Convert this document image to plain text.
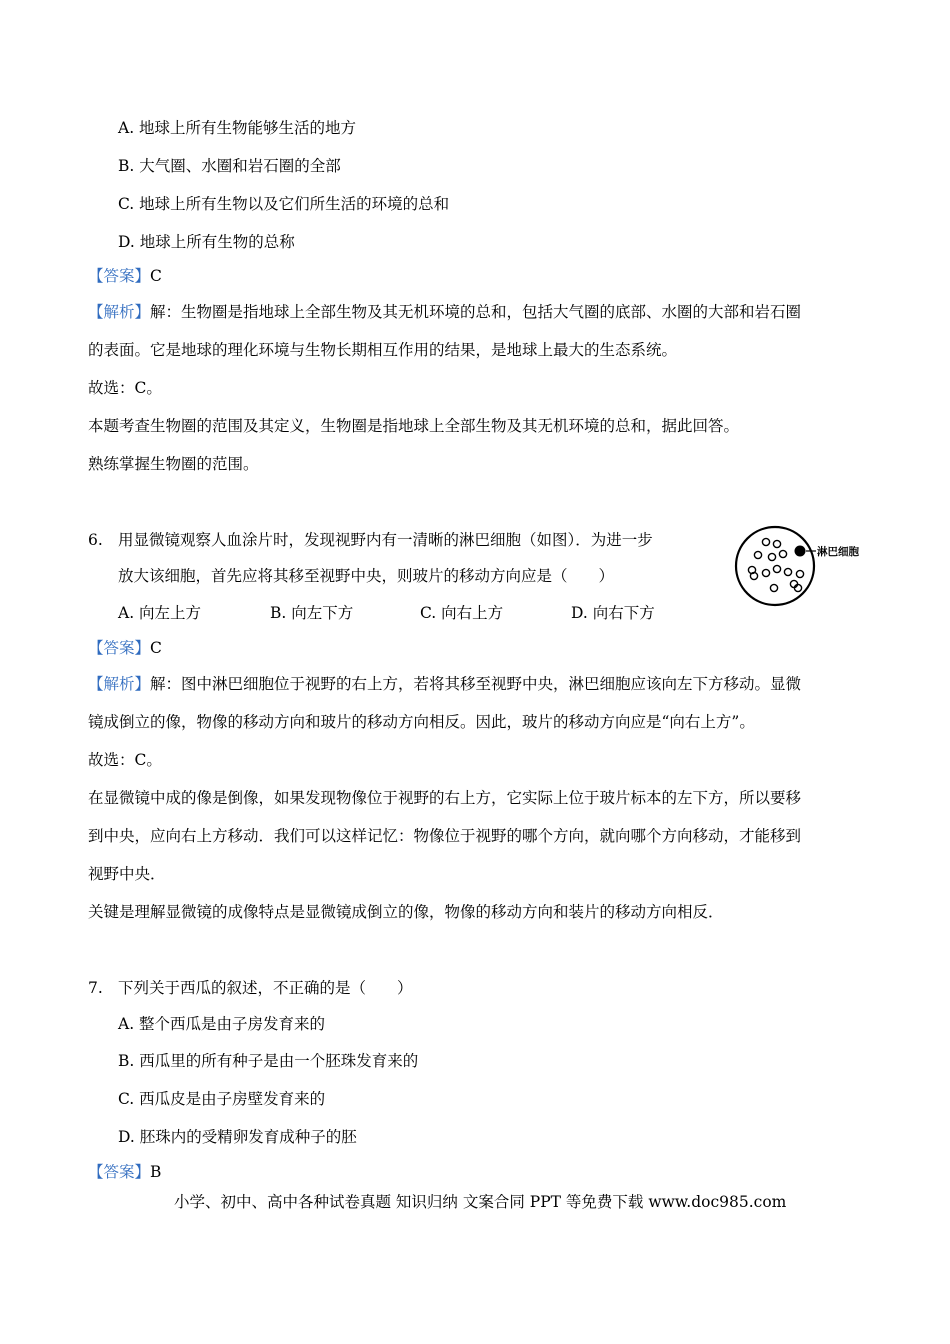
A. 地球上所有生物能够生活的地方
B. 大气圈、水圈和岩石圈的全部
C. 地球上所有生物以及它们所生活的环境的总和
D. 地球上所有生物的总称
【答案】C
【解析】解：生物圈是指地球上全部生物及其无机环境的总和，包括大气圈的底部、水圈的大部和岩石圈
的表面。它是地球的理化环境与生物长期相互作用的结果，是地球上最大的生态系统。
故选：C。
本题考查生物圈的范围及其定义，生物圈是指地球上全部生物及其无机环境的总和，据此回答。
熟练掌握生物圈的范围。
6. 用显微镜观察人血涂片时，发现视野内有一清晰的淋巴细胞（如图）．为进一步
放大该细胞，首先应将其移至视野中央，则玻片的移动方向应是（　　）
A. 向左上方	B. 向左下方	C. 向右上方	D. 向右下方
淋巴细胞
【答案】C
【解析】解：图中淋巴细胞位于视野的右上方，若将其移至视野中央，淋巴细胞应该向左下方移动。显微
镜成倒立的像，物像的移动方向和玻片的移动方向相反。因此，玻片的移动方向应是“向右上方”。
故选：C。
在显微镜中成的像是倒像，如果发现物像位于视野的右上方，它实际上位于玻片标本的左下方，所以要移
到中央，应向右上方移动．我们可以这样记忆：物像位于视野的哪个方向，就向哪个方向移动，才能移到
视野中央．
关键是理解显微镜的成像特点是显微镜成倒立的像，物像的移动方向和装片的移动方向相反．
7. 下列关于西瓜的叙述，不正确的是（　　）
A. 整个西瓜是由子房发育来的
B. 西瓜里的所有种子是由一个胚珠发育来的
C. 西瓜皮是由子房壁发育来的
D. 胚珠内的受精卵发育成种子的胚
【答案】B
小学、初中、高中各种试卷真题 知识归纳 文案合同 PPT 等免费下载 www.doc985.com
